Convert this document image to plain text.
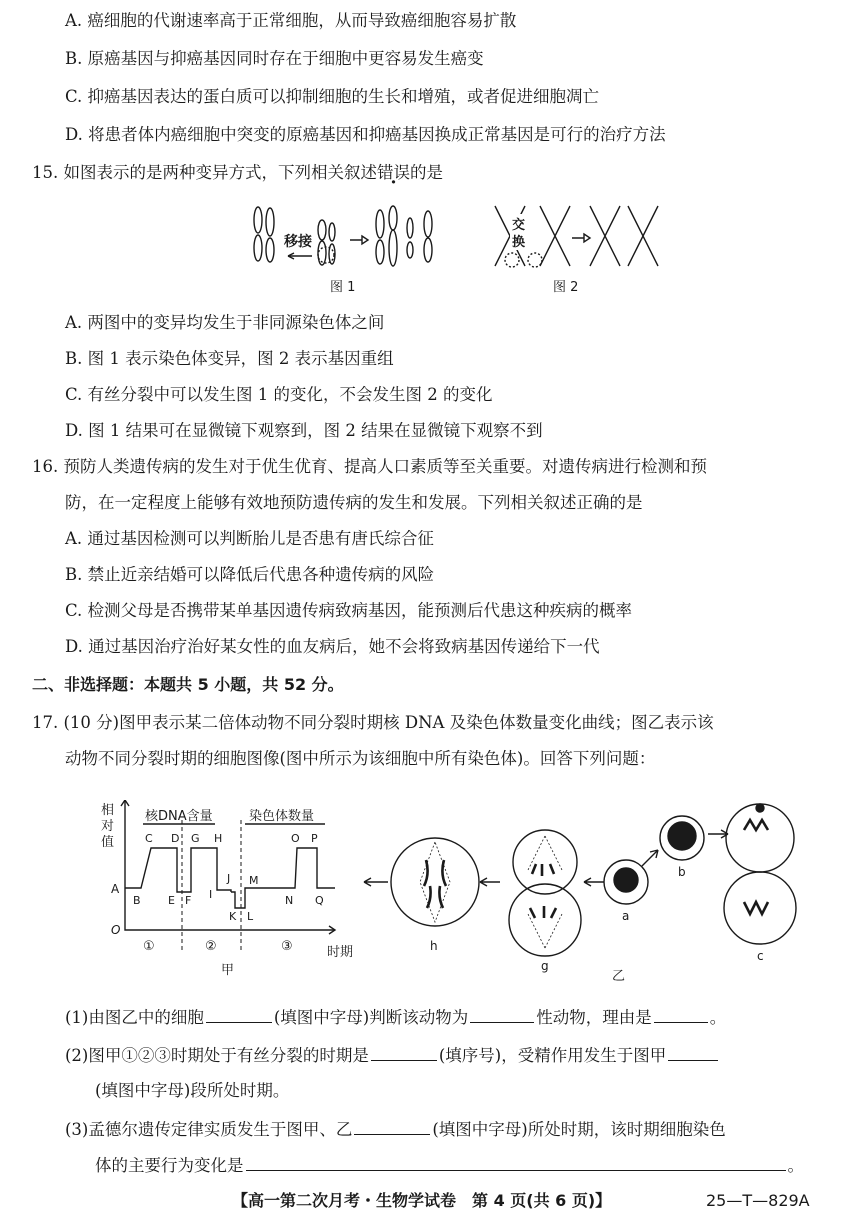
A. 癌细胞的代谢速率高于正常细胞，从而导致癌细胞容易扩散
B. 原癌基因与抑癌基因同时存在于细胞中更容易发生癌变
C. 抑癌基因表达的蛋白质可以抑制细胞的生长和增殖，或者促进细胞凋亡
D. 将患者体内癌细胞中突变的原癌基因和抑癌基因换成正常基因是可行的治疗方法
15. 如图表示的是两种变异方式，下列相关叙述错误的是
移接
交
换
图 1	图 2
A. 两图中的变异均发生于非同源染色体之间
B. 图 1 表示染色体变异，图 2 表示基因重组
C. 有丝分裂中可以发生图 1 的变化，不会发生图 2 的变化
D. 图 1 结果可在显微镜下观察到，图 2 结果在显微镜下观察不到
16. 预防人类遗传病的发生对于优生优育、提高人口素质等至关重要。对遗传病进行检测和预
防，在一定程度上能够有效地预防遗传病的发生和发展。下列相关叙述正确的是
A. 通过基因检测可以判断胎儿是否患有唐氏综合征
B. 禁止近亲结婚可以降低后代患各种遗传病的风险
C. 检测父母是否携带某单基因遗传病致病基因，能预测后代患这种疾病的概率
D. 通过基因治疗治好某女性的血友病后，她不会将致病基因传递给下一代
二、非选择题：本题共 5 小题，共 52 分。
17. (10 分)图甲表示某二倍体动物不同分裂时期核 DNA 及染色体数量变化曲线；图乙表示该
动物不同分裂时期的细胞图像(图中所示为该细胞中所有染色体)。回答下列问题：
相
对
值
核DNA含量	染色体数量
A
O
时期
B
C D
E F
G H
I
J
K L
M
N
O P
Q
①	②	③
甲
h
g
a
b
c
乙
(1)由图乙中的细胞	(填图中字母)判断该动物为	性动物，理由是	。
(2)图甲①②③时期处于有丝分裂的时期是	(填序号)，受精作用发生于图甲
(填图中字母)段所处时期。
(3)孟德尔遗传定律实质发生于图甲、乙	(填图中字母)所处时期，该时期细胞染色
体的主要行为变化是	。
【高一第二次月考・生物学试卷　第 4 页(共 6 页)】	25—T—829A
